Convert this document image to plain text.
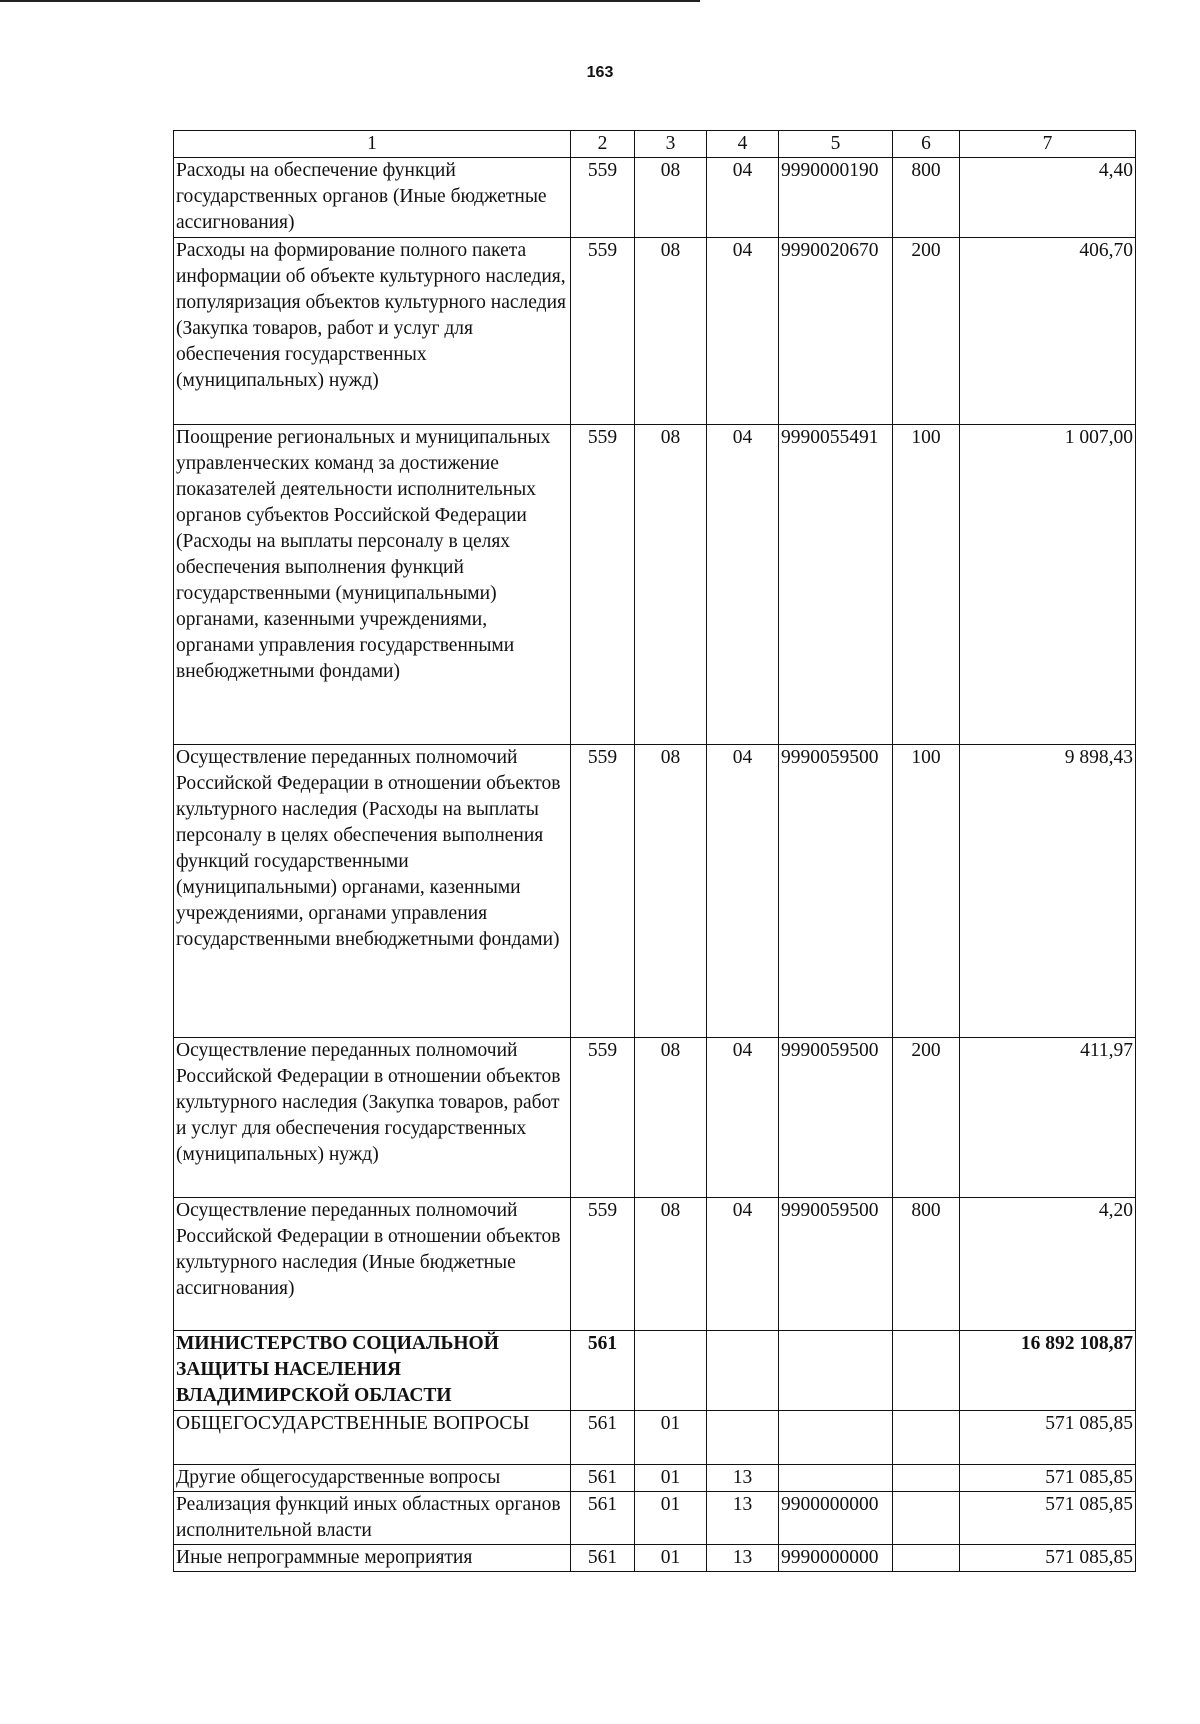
163
1	2	3	4	5	6	7
Расходы на обеспечение функций государственных органов (Иные бюджетные ассигнования)	559	08	04	9990000190	800	4,40
Расходы на формирование полного пакета информации об объекте культурного наследия, популяризация объектов культурного наследия (Закупка товаров, работ и услуг для обеспечения государственных (муниципальных) нужд)	559	08	04	9990020670	200	406,70
Поощрение региональных и муниципальных управленческих команд за достижение показателей деятельности исполнительных органов субъектов Российской Федерации (Расходы на выплаты персоналу в целях обеспечения выполнения функций государственными (муниципальными) органами, казенными учреждениями, органами управления государственными внебюджетными фондами)	559	08	04	9990055491	100	1 007,00
Осуществление переданных полномочий Российской Федерации в отношении объектов культурного наследия (Расходы на выплаты персоналу в целях обеспечения выполнения функций государственными (муниципальными) органами, казенными учреждениями, органами управления государственными внебюджетными фондами)	559	08	04	9990059500	100	9 898,43
Осуществление переданных полномочий Российской Федерации в отношении объектов культурного наследия (Закупка товаров, работ и услуг для обеспечения государственных (муниципальных) нужд)	559	08	04	9990059500	200	411,97
Осуществление переданных полномочий Российской Федерации в отношении объектов культурного наследия (Иные бюджетные ассигнования)	559	08	04	9990059500	800	4,20
МИНИСТЕРСТВО СОЦИАЛЬНОЙ ЗАЩИТЫ НАСЕЛЕНИЯ ВЛАДИМИРСКОЙ ОБЛАСТИ	561					16 892 108,87
ОБЩЕГОСУДАРСТВЕННЫЕ ВОПРОСЫ	561	01				571 085,85
Другие общегосударственные вопросы	561	01	13			571 085,85
Реализация функций иных областных органов исполнительной власти	561	01	13	9900000000		571 085,85
Иные непрограммные мероприятия	561	01	13	9990000000		571 085,85
